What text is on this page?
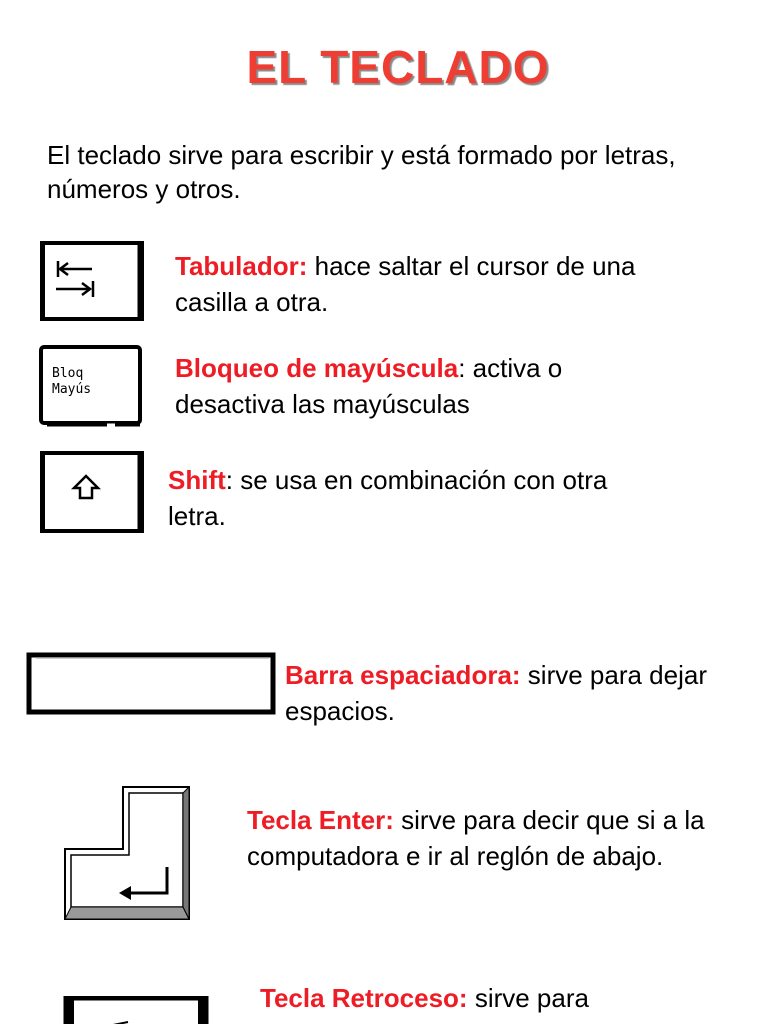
EL TECLADO
El teclado sirve para escribir y está formado por letras, números y otros.
Tabulador: hace saltar el cursor de una casilla a otra.
Bloq
Mayús
Bloqueo de mayúscula: activa o desactiva las mayúsculas
Shift: se usa en combinación con otra letra.
Barra espaciadora: sirve para dejar espacios.
Tecla Enter: sirve para decir que si a la computadora e ir al reglón de abajo.
Tecla Retroceso: sirve para
